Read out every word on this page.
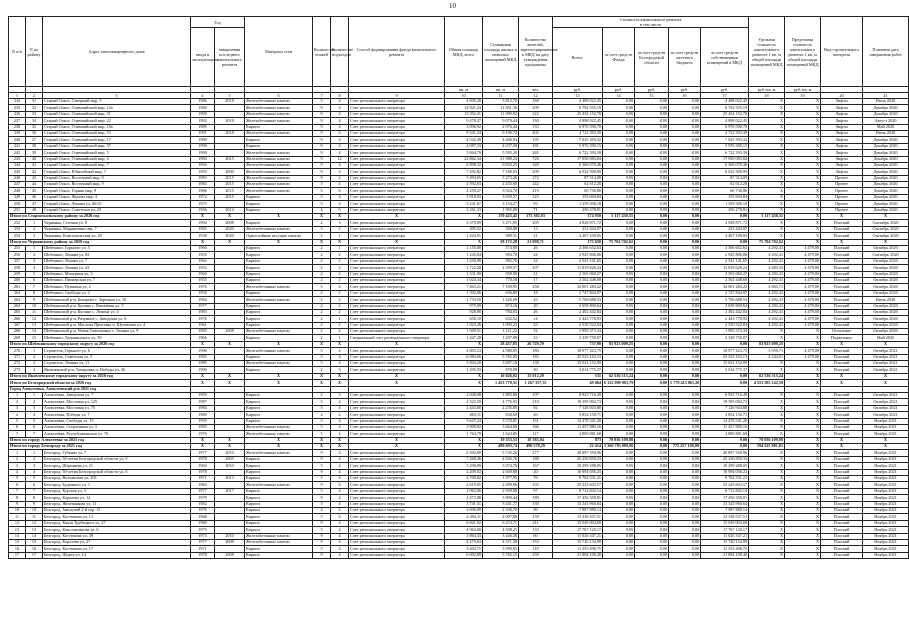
10
N п/п	N по району	Адрес многоквартирного дома	Год		Материал стен	Количество этажей	Количество подъездов	Способ формирования фонда капитального ремонта	Общая площадь МКД, всего	Суммарная площадь жилых и нежилых помещений МКД	Количество жителей, зарегистрированных в МКД на дату утверждения программы	Стоимость капитального ремонта
в том числе					Удельная стоимость капитального ремонта 1 кв. м общей площади помещений МКД	Предельная стоимость капитального ремонта 1 кв. м общей площади помещений МКД	Вид строительного контроля	Плановая дата завершения работ
			ввода в эксплуатацию	завершения последнего капитального ремонта								Всего:	за счет средств Фонда	за счет средств Белгородской области	за счет средств местного бюджета	за счет средств собственников помещений в МКД				
									кв. м	кв. м	чел.	руб.	руб.	руб.	руб.	руб.	руб./кв. м	руб./кв. м		
1	2	3	4	5	6	7	8	9	10	11	12	13	14	15	16	17	18	19	20	21
234	31	Старый Оскол, Северный мкр, 5	1986	2018	Железобетонные панели	5	4	Счет регионального оператора	4 695,20	3 815,70	168	4 488 022,45	0,00	0,00	0,00	4 488 022,45	X	X	Лифты	Июль 2020
235	32	Старый Оскол, Олимпийский мкр, 13а	1980		Железобетонные панели	9	4	Счет регионального оператора	14 821,24	11 851,30	299	6 792 555,19	0,00	0,00	0,00	6 792 555,19	X	X	Лифты	Декабрь 2020
236	33	Старый Оскол, Олимпийский мкр, 31	1990		Железобетонные панели	9	4	Счет регионального оператора	13 392,41	11 099,92	322	25 434 152,78	0,00	0,00	0,00	25 434 152,78	X	X	Лифты	Декабрь 2020
237	34	Старый Оскол, Олимпийский мкр, 22	1992	2018	Железобетонные панели	9	4	Счет регионального оператора	9 478,47	9 079,44	330	4 898 022,45	0,00	0,00	0,00	4 898 022,45	X	X	Лифты	Август 2020
238	35	Старый Оскол, Олимпийский мкр, 10а	1989		Кирпич	9	4	Счет регионального оператора	3 096,92	2 976,44	133	6 976 590,70	0,00	0,00	0,00	6 976 590,70	X	X	Лифты	Май 2020
239	36	Старый Оскол, Олимпийский мкр, 53	1991	2018	Железобетонные панели	9	6	Счет регионального оператора	9 541,24	9 196,74	402	4 722 393,39	0,00	0,00	0,00	4 722 393,39	X	X	Лифты	Июль 2020
240	37	Старый Оскол, Олимпийский мкр, 17	1990		Кирпич	9	4	Счет регионального оператора	4 542,49	4 406,94	195	7 025 393,32	0,00	0,00	0,00	7 025 393,32	X	X	Лифты	Декабрь 2020
241	38	Старый Оскол, Олимпийский мкр, 57	1990		Кирпич	9	4	Счет регионального оператора	4 087,33	4 037,30	181	5 976 390,15	0,00	0,00	0,00	5 976 390,15	X	X	Лифты	Декабрь 2020
242	39	Старый Оскол, Олимпийский мкр, 5	1990		Железобетонные панели	9	4	Счет регионального оператора	5 844,79	5 595,20	265	6 722 393,39	0,00	0,00	0,00	6 722 393,39	X	X	Лифты	Декабрь 2020
243	40	Старый Оскол, Олимпийский мкр, 6	1984	2015	Железобетонные панели	9	12	Счет регионального оператора	22 862,34	21 988,24	726	17 950 083,84	0,00	0,00	0,00	17 950 083,84	X	X	Лифты	Декабрь 2020
244	41	Старый Оскол, Олимпийский мкр, 7	1994		Железобетонные панели	9	4	Счет регионального оператора	6 898,32	6 832,25	340	6 366 070,46	0,00	0,00	0,00	6 366 070,46	X	X	Лифты	Декабрь 2020
245	42	Старый Оскол, Юбилейный мкр, 7	1993	2009	Железобетонные панели	9	4	Счет регионального оператора	7 292,82	7 168,03	299	6 022 500,99	0,00	0,00	0,00	6 022 500,99	X	X	Лифты	Декабрь 2020
246	43	Старый Оскол, Восточный мкр, 9	1983	2015	Железобетонные панели	9	2	Счет регионального оператора	3 494,65	3 273,26	272	87 314,09	0,00	0,00	0,00	87 314,09	X	X	Прочее	Декабрь 2020
247	44	Старый Оскол, Восточный мкр, 9	1983	2015	Железобетонные панели	5	4	Счет регионального оператора	2 592,63	2 435,00	242	62 612,20	0,00	0,00	0,00	62 612,20	X	X	Прочее	Декабрь 2020
248	45	Старый Оскол, Горняк мкр, 9	1986	2015	Железобетонные панели	5	6	Счет регионального оператора	4 259,27	3 924,70	219	60 736,86	0,00	0,00	0,00	60 736,86	X	X	Прочее	Декабрь 2020
249	46	Старый Оскол, Жукова мкр, 4	1972	2015	Кирпич	5	4	Счет регионального оператора	3 918,03	3 659,37	225	155 694,84	0,00	0,00	0,00	155 694,84	X	X	Прочее	Декабрь 2020
250	47	Старый Оскол, Ленина ул, 80/35	1975		Кирпич	5	4	Счет регионального оператора	3 241,67	3 154,27	93	1 359 306,18	0,00	0,00	0,00	1 359 306,18	X	X	Прочее	Декабрь 2020
251	48	Старый Оскол, Советская ул, 25	1936	2014	Кирпич	4	5	Счет регионального оператора	2 261,33	1 965,09	71	256 278,81	0,00	0,00	0,00	256 278,81	X	X	Прочее	Декабрь 2020
Итого по Старооскольскому району за 2020 год			X	X	X	X	X	X	X	170 425,42	173 302,03	374 950	5 117 430,55	0,00	0,00	0,00	5 117 430,55	X	X	X
252	1	Чернянка, Степная ул, 8	1994	2008	Кирпич	2	3	Счет регионального оператора	3 379,09	3 471,05	205	4 928 871,72	0,00	0,00	0,00	4 928 871,72	X	X	Плоский	Сентябрь 2020
253	2	Чернянка, Маринченко пер, 7	1985	2020	Железобетонные панели	3	2	Счет регионального оператора	495,52	368,88	13	231 444,97	0,00	0,00	0,00	231 444,97	X	X	Плоский	Сентябрь 2020
254	3	Чернянка, Комсомольская ул, 20	1938	2020	Однослойные несущие панели	2	1	Счет регионального оператора	1 444,91	988,31	21	4 407 190,05	0,00	0,00	0,00	4 407 190,05	X	X	Плоский	Сентябрь 2020
Итого по Чернянскому району за 2020 год			X	X	X	X	X	X	X	28 172,28	21 098,71	175 650	75 704 702,62	0,00	0,00	0,00	75 704 702,62	X	X	X
255	1	Шебекино, Горького ул, 5	1960		Кирпич	2	1	Счет регионального оператора	1 155,00	574,00	26	2 366 652,63	0,00	0,00	0,00	2 366 652,63	4 292,41	4 479,00	Плоский	Октябрь 2020
256	2	Шебекино, Ленина ул, 82	1955		Кирпич	2	2	Счет регионального оператора	1 245,84	984,78	24	2 945 806,86	0,00	0,00	0,00	2 945 806,86	4 292,41	4 479,00	Плоский	Сентябрь 2020
257	3	Шебекино, Ленина ул, 7	1962		Кирпич	2	2	Счет регионального оператора	1 230,99	982,76	24	2 541 141,65	0,00	0,00	0,00	2 541 141,65	4 292,41	4 479,00	Плоский	Октябрь 2020
258	4	Шебекино, Ленина ул, 43	1952		Кирпич	2	2	Счет регионального оператора	1 722,28	2 399,57	107	11 819 628,24	0,00	0,00	0,00	11 819 628,24	4 483,35	4 479,00	Плоский	Октябрь 2020
259	5	Шебекино, Мичурина ул, 3	1960		Кирпич	2	2	Счет регионального оператора	1 331,90	958,90	21	2 565 060,27	0,00	0,00	0,00	2 565 060,27	4 292,41	4 479,00	Плоский	Октябрь 2020
260	6	Шебекино, Пионерская ул, 7	1955		Кирпич	2	2	Счет регионального оператора	1 024,34	770,50	17	2 502 448,60	0,00	0,00	0,00	2 502 448,60	4 292,41	4 479,00	Плоский	Октябрь 2020
261	7	Шебекино, Пушкина ул, 2	1976		Железобетонные панели	5	4	Счет регионального оператора	7 463,21	7 109,95	258	34 001 284,22	0,00	0,00	0,00	34 001 284,22	4 863,71	4 479,00	Плоский	Октябрь 2020
262	8	Шебекино, Свободы ул, 2	1958		Кирпич	2	2	Счет регионального оператора	1 592,06	636,80	18	2 747 844,97	0,00	0,00	0,00	2 747 844,97	4 292,41	4 479,00	Плоский	Октябрь 2020
263	9	Шебекинский р-н, Бекарево с, Заречная ул, 10	1964		Железобетонные панели	2	2	Счет регионального оператора	1 733,50	1 426,09	43	5 706 688,53	0,00	0,00	0,00	5 706 688,53	4 292,41	4 479,00	Плоский	Июль 2020
264	10	Шебекинский р-н, Купино с, Вишнёвая ул, 5	1977		Кирпич	2	2	Счет регионального оператора	975,99	874,16	20	2 658 800,64	0,00	0,00	0,00	2 658 800,64	4 292,41	4 479,00	Плоский	Октябрь 2020
265	11	Шебекинский р-н, Купино с, Ленина ул, 4	1983		Кирпич	2	2	Счет регионального оператора	928,80	784,03	26	2 492 442,84	0,00	0,00	0,00	2 492 442,84	4 292,41	4 479,00	Плоский	Октябрь 2020
266	12	Шебекинский р-н, Разумное с, Заводская ул, 6	1976		Кирпич	2	1	Счет регионального оператора	656,10	632,52	14	2 443 778,93	0,00	0,00	0,00	2 443 778,93	4 292,41	4 479,00	Плоский	Октябрь 2020
267	13	Шебекинский р-н, Маслова Пристань п, Шумилова ул, 4	1961		Кирпич	2	2	Счет регионального оператора	1 023,26	1 093,23	25	2 530 522,04	0,00	0,00	0,00	2 530 522,04	4 292,41	4 479,00	Плоский	Октябрь 2020
268	14	Шебекинский р-н, Новая Таволжанка с, Ленина ул, 9	1985	2008	Железобетонные панели	2	2	Счет регионального оператора	1 509,51	1 111,22	32	1 995 373,34	0,00	0,00	0,00	1 995 373,34	X	X	Отопление	Октябрь 2020
269	15	Шебекино, Дзержинского ул, 39	1966		Кирпич	2	1	Специальный счет регионального оператора	1 447,28	1 297,89	23	2 339 750,07	0,00	0,00	0,00	2 339 750,07	X	X	Подвальное	Май 2020
Итого по Шебекинскому городскому округу за 2020 год			X	X	X	X	X	X	X	28 457,85	26 729,79	737,00	83 923 009,25	0,00	0,00	0,00	83 923 009,25	X	X	X
270	1	Строитель, Горького ул, 6	1996		Железобетонные панели	5	4	Счет регионального оператора	4 803,23	4 580,05	180	18 977 423,75	0,00	0,00	0,00	18 977 423,75	3 959,71	4 479,00	Плоский	Октябрь 2021
271	2	Строитель, Советская ул, 5	1985		Кирпич	5	4	Счет регионального оператора	6 083,66	5 765,05	183	25 523 163,13	0,00	0,00	0,00	25 523 163,13	4 244,01	4 479,00	Плоский	Октябрь 2021
272	3	Строитель, Ленина ул, 11	1989		Железобетонные панели	5	4	Счет регионального оператора	3 843,20	3 697,10	138	15 021 152,99	0,00	0,00	0,00	15 021 152,99	X	X	Плоский	Октябрь 2021
273	4	Яковлевский р-н, Томаровка п, Победы ул, 26	1990		Кирпич	2	3	Счет регионального оператора	1 295,93	970,09	30	3 014 775,37	0,00	0,00	0,00	3 014 775,37	X	X	Плоский	Октябрь 2021
Итого по Яковлевскому городскому округу за 2020 год			X	X	X	X	X	X	X	16 026,02	15 012,29	531	62 536 515,24	0,00	0,00	0,00	62 536 515,24	X	X	X
Итого по Белгородской области за 2020 год			X	X	X	X	X	X	X	1 453 770,31	1 267 357,35	49 064	6 332 999 003,79	0,00	1 779 413 861,20	0,00	4 553 585 142,59	X	X	X
Город Алексеевка, Алексеевский р-н 2021 год																				
1	1	Алексеевка, Заводская ул, 7	1959		Кирпич	2	3	Счет регионального оператора	2 048,08	1 883,80	107	8 923 716,49	0,00	0,00	0,00	8 923 716,49	X	X	Плоский	Октябрь 2021
2	2	Алексеевка, Мостовая ул, 125	1987		Кирпич	5	4	Счет регионального оператора	4 325,59	4 776,93	210	19 395 094,73	0,00	0,00	0,00	19 395 094,73	X	X	Плоский	Октябрь 2021
3	3	Алексеевка, Мостовая ул, 75	1984		Кирпич	5	4	Счет регионального оператора	2 443,80	2 235,85	92	7 126 943,80	0,00	0,00	0,00	7 126 943,80	X	X	Плоский	Октябрь 2021
4	4	Алексеевка, Победы ул, 7	1980		Кирпич	2	2	Счет регионального оператора	863,11	630,60	20	3 854 150,71	0,00	0,00	0,00	3 854 150,71	X	X	Плоский	Октябрь 2021
5	5	Алексеевка, Свободы ул, 15	1959		Кирпич	5	4	Счет регионального оператора	3 647,24	3 570,81	161	14 478 541,20	0,00	0,00	0,00	14 478 541,20	X	X	Плоский	Ноябрь 2021
6	6	Алексеевка, Спортивная ул, 3	1985		Железобетонные панели	5	4	Счет регионального оператора	3 909,92	3 664,00	166	11 457 880,16	0,00	0,00	0,00	11 457 880,16	X	X	Плоский	Ноябрь 2021
7	7	Алексеевка, Республиканская ул, 76	1976		Железобетонные панели	5	4	Счет регионального оператора	1 764,79	1 624,05	117	4 800 881,68	0,00	0,00	0,00	4 800 881,68	X	X	Плоский	Ноябрь 2021
Итого по городу Алексеевке за 2021 год			X	X	X	X	X	X	X	19 353,53	18 385,04	873	70 036 109,88	0,00	0,00	0,00	70 036 109,88	X	X	X
Итого по городу Белгороду за 2021 год			X	X	X	X	X	X	X	480 693,74	490 578,29	22 414	1 366 783 089,90	0,00	772 257 188,09	0,00	594 525 901,81	X	X	X
1	1	Белгород, Губкина ул, 7	1977	2010	Железобетонные панели	9	4	Счет регионального оператора	6 302,09	5 745,26	277	20 897 550,96	0,00	0,00	0,00	20 897 550,96	X	X	Плоский	Ноябрь 2021
2	2	Белгород, 50-летия Белгородской области ул, 9	1978	2005	Кирпич	9	4	Счет регионального оператора	7 268,46	4 945,76	188	25 230 850,33	0,00	0,00	0,00	25 230 850,33	X	X	Плоский	Ноябрь 2021
3	3	Белгород, Шершнева ул, 21	1960	2010	Кирпич	5	4	Счет регионального оператора	3 296,89	3 074,79	167	10 299 288,05	0,00	0,00	0,00	10 299 288,05	X	X	Плоский	Ноябрь 2021
4	4	Белгород, 50-летия Белгородской области ул, 6	1978		Кирпич	9	4	Счет регионального оператора	2 209,02	2 049,80	20	16 994 056,23	0,00	0,00	0,00	16 994 056,23	X	X	Плоский	Ноябрь 2021
5	5	Белгород, Волчанская ул, 105	1971	2013	Кирпич	5	4	Счет регионального оператора	2 700,82	1 977,95	76	8 702 531,21	0,00	0,00	0,00	8 702 531,21	X	X	Плоский	Ноябрь 2021
6	6	Белгород, Буденного ул, 1	1984		Железобетонные панели	9	6	Счет регионального оператора	2 619,05	2 499,96	103	25 225 603,57	0,00	0,00	0,00	25 225 603,57	X	X	Плоский	Ноябрь 2021
7	7	Белгород, Курская ул, 3	1977	2017	Кирпич	5	4	Счет регионального оператора	2 962,06	2 959,08	97	8 712 832,14	0,00	0,00	0,00	8 712 832,14	X	X	Плоский	Ноябрь 2021
8	8	Белгород, Королева ул, 14	1979		Кирпич	9	4	Счет регионального оператора	4 473,88	3 890,44	189	17 456 358,81	0,00	0,00	0,00	17 456 358,81	X	X	Плоский	Ноябрь 2021
9	9	Белгород, Железнякова ул, 11	1982		Кирпич	5	4	Счет регионального оператора	3 741,51	3 441,77	130	13 343 960,64	0,00	0,00	0,00	13 343 960,64	X	X	Плоский	Ноябрь 2021
10	10	Белгород, Заводской 2-й пер, 31	1976		Кирпич	2	2	Счет регионального оператора	2 606,09	2 336,70	90	7 987 880,14	0,00	0,00	0,00	7 987 880,14	X	X	Плоский	Ноябрь 2021
11	11	Белгород, Костюкова ул, 13	1968		Кирпич	5	6	Счет регионального оператора	4 494,11	4 007,88	159	13 338 537,51	0,00	0,00	0,00	13 338 537,51	X	X	Плоский	Ноябрь 2021
12	12	Белгород, Князя Трубецкого ул, 27	1980		Кирпич	9	4	Счет регионального оператора	6 821,92	6 474,71	211	15 049 004,69	0,00	0,00	0,00	15 049 004,69	X	X	Плоский	Ноябрь 2021
13	13	Белгород, Константинова ул, 6	1975		Кирпич	5	4	Счет регионального оператора	4 962,00	4 508,25	133	17 767 120,17	0,00	0,00	0,00	17 767 120,17	X	X	Плоский	Ноябрь 2021
14	14	Белгород, Костюкова ул, 49	1973	2010	Железобетонные панели	9	4	Счет регионального оператора	3 864,33	3 446,36	60	11 026 347,21	0,00	0,00	0,00	11 026 347,21	X	X	Плоский	Ноябрь 2021
15	15	Белгород, Королева ул, 27	1977	2008	Железобетонные панели	9	4	Счет регионального оператора	4 275,63	4 371,38	153	15 720 134,99	0,00	0,00	0,00	15 720 134,99	X	X	Плоский	Ноябрь 2021
16	16	Белгород, Костюкова ул, 17	1971		Кирпич	5	4	Счет регионального оператора	3 404,75	3 099,95	118	11 353 498,75	0,00	0,00	0,00	11 353 498,75	X	X	Плоский	Ноябрь 2021
17	17	Белгород, Щорса ул, 14	1978	2008	Кирпич	9	4	Счет регионального оператора	6 092,89	5 765,15	258	21 894 109,40	0,00	0,00	0,00	21 894 109,40	X	X	Плоский	Ноябрь 2021
